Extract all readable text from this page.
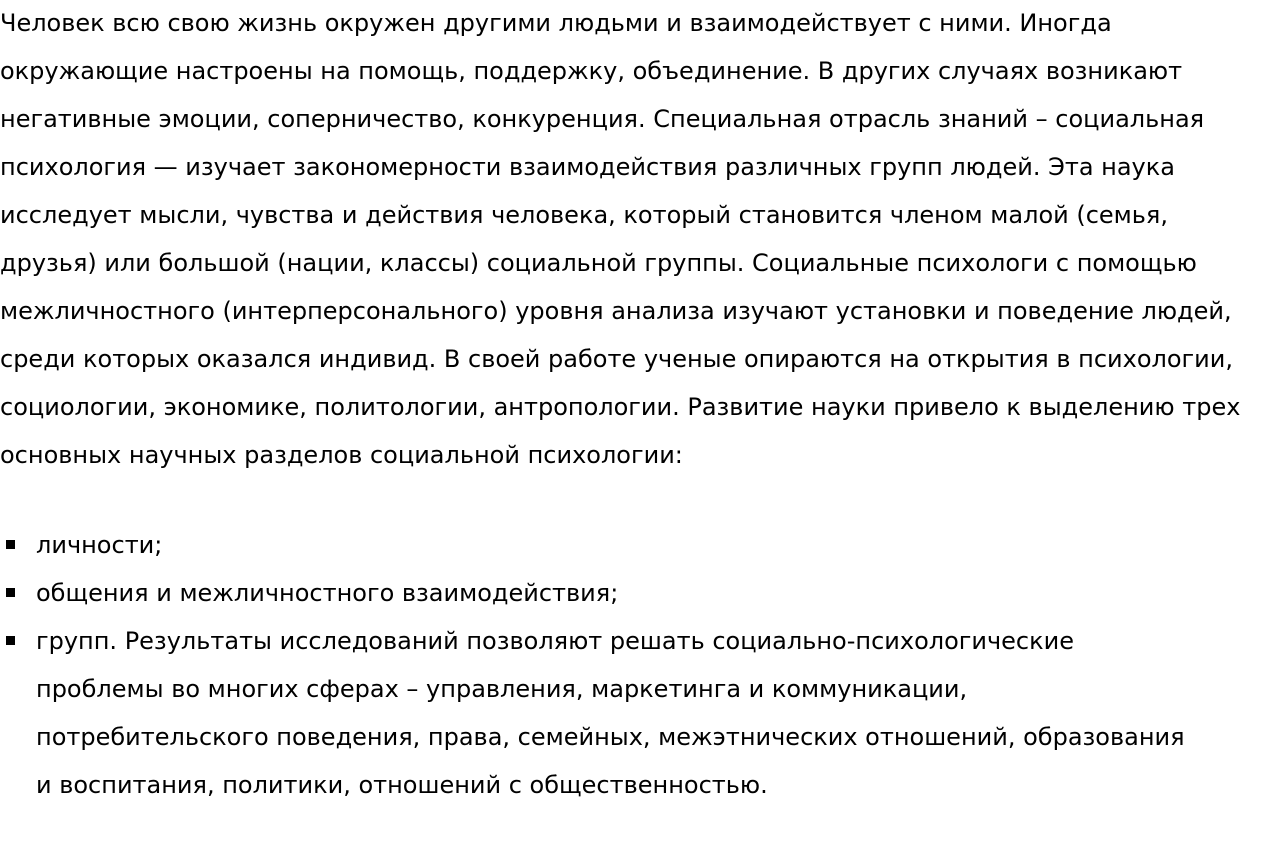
Человек всю свою жизнь окружен другими людьми и взаимодействует с ними. Иногда окружающие настроены на помощь, поддержку, объединение. В других случаях возникают негативные эмоции, соперничество, конкуренция. Специальная отрасль знаний – социальная психология — изучает закономерности взаимодействия различных групп людей. Эта наука исследует мысли, чувства и действия человека, который становится членом малой (семья, друзья) или большой (нации, классы) социальной группы. Социальные психологи с помощью межличностного (интерперсонального) уровня анализа изучают установки и поведение людей, среди которых оказался индивид. В своей работе ученые опираются на открытия в психологии, социологии, экономике, политологии, антропологии. Развитие науки привело к выделению трех основных научных разделов социальной психологии:

личности;
общения и межличностного взаимодействия;
групп. Результаты исследований позволяют решать социально-психологические проблемы во многих сферах – управления, маркетинга и коммуникации, потребительского поведения, права, семейных, межэтнических отношений, образования и воспитания, политики, отношений с общественностью.
